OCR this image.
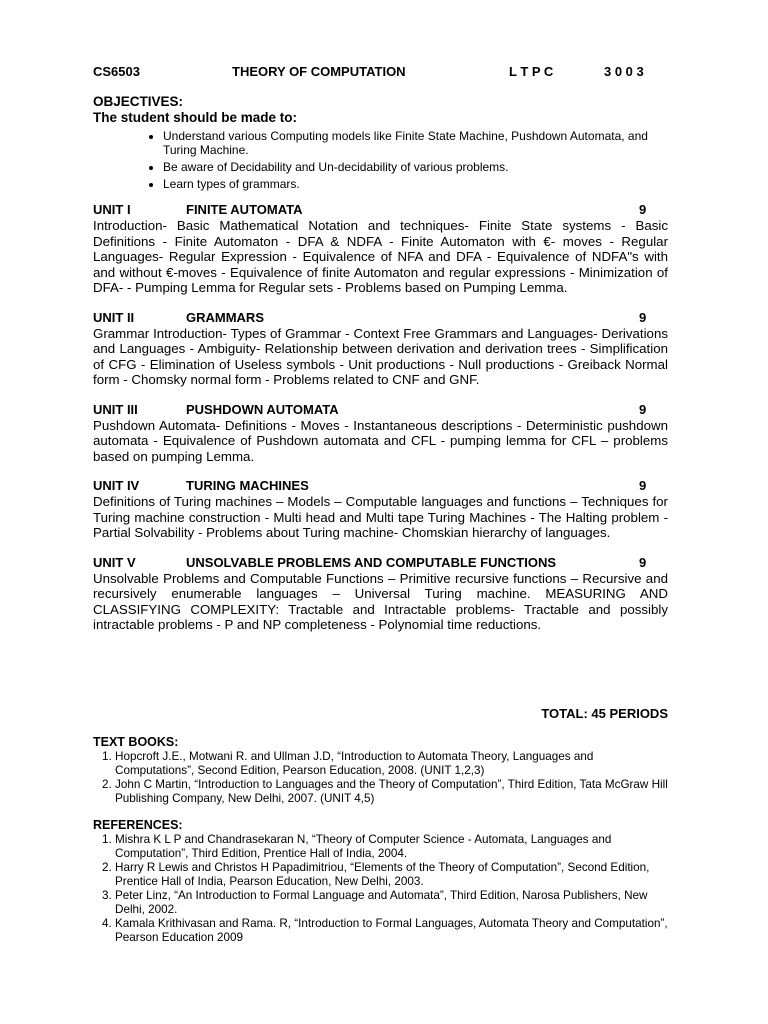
CS6503	THEORY OF COMPUTATION	L T P C	3 0 0 3
OBJECTIVES:
The student should be made to:
• Understand various Computing models like Finite State Machine, Pushdown Automata, and Turing Machine.
• Be aware of Decidability and Un-decidability of various problems.
• Learn types of grammars.
UNIT I	FINITE AUTOMATA	9
Introduction- Basic Mathematical Notation and techniques- Finite State systems - Basic Definitions - Finite Automaton - DFA & NDFA - Finite Automaton with €- moves - Regular Languages- Regular Expression - Equivalence of NFA and DFA - Equivalence of NDFA"s with and without €-moves - Equivalence of finite Automaton and regular expressions - Minimization of DFA- - Pumping Lemma for Regular sets - Problems based on Pumping Lemma.
UNIT II	GRAMMARS	9
Grammar Introduction- Types of Grammar - Context Free Grammars and Languages- Derivations and Languages - Ambiguity- Relationship between derivation and derivation trees - Simplification of CFG - Elimination of Useless symbols - Unit productions - Null productions - Greiback Normal form - Chomsky normal form - Problems related to CNF and GNF.
UNIT III	PUSHDOWN AUTOMATA	9
Pushdown Automata- Definitions - Moves - Instantaneous descriptions - Deterministic pushdown automata - Equivalence of Pushdown automata and CFL - pumping lemma for CFL – problems based on pumping Lemma.
UNIT IV	TURING MACHINES	9
Definitions of Turing machines – Models – Computable languages and functions – Techniques for Turing machine construction - Multi head and Multi tape Turing Machines - The Halting problem - Partial Solvability - Problems about Turing machine- Chomskian hierarchy of languages.
UNIT V	UNSOLVABLE PROBLEMS AND COMPUTABLE FUNCTIONS	9
Unsolvable Problems and Computable Functions – Primitive recursive functions – Recursive and recursively enumerable languages – Universal Turing machine. MEASURING AND CLASSIFYING COMPLEXITY: Tractable and Intractable problems- Tractable and possibly intractable problems - P and NP completeness - Polynomial time reductions.
TOTAL: 45 PERIODS
TEXT BOOKS:
1. Hopcroft J.E., Motwani R. and Ullman J.D, “Introduction to Automata Theory, Languages and Computations”, Second Edition, Pearson Education, 2008. (UNIT 1,2,3)
2. John C Martin, “Introduction to Languages and the Theory of Computation”, Third Edition, Tata McGraw Hill Publishing Company, New Delhi, 2007. (UNIT 4,5)
REFERENCES:
1. Mishra K L P and Chandrasekaran N, “Theory of Computer Science - Automata, Languages and Computation”, Third Edition, Prentice Hall of India, 2004.
2. Harry R Lewis and Christos H Papadimitriou, “Elements of the Theory of Computation”, Second Edition, Prentice Hall of India, Pearson Education, New Delhi, 2003.
3. Peter Linz, “An Introduction to Formal Language and Automata”, Third Edition, Narosa Publishers, New Delhi, 2002.
4. Kamala Krithivasan and Rama. R, “Introduction to Formal Languages, Automata Theory and Computation”, Pearson Education 2009
